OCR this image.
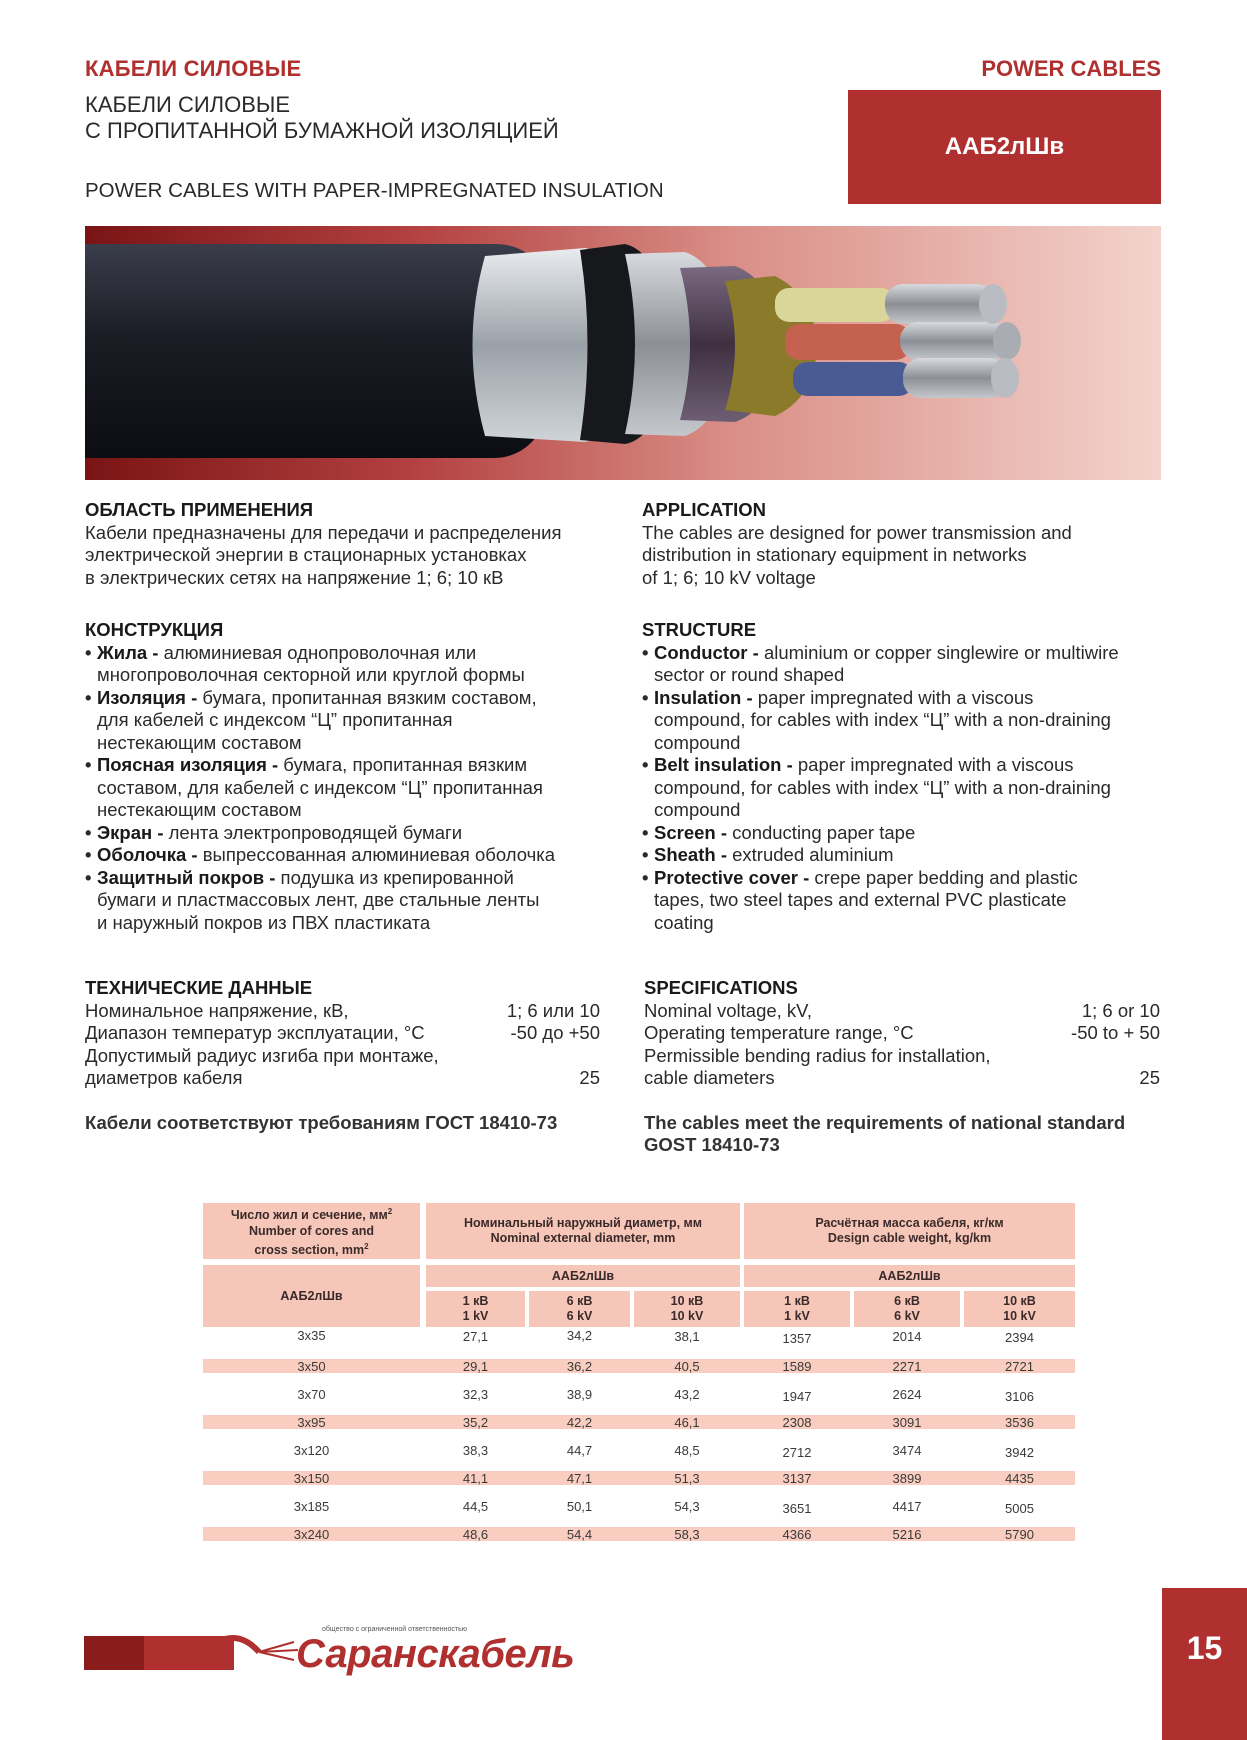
КАБЕЛИ СИЛОВЫЕ	POWER CABLES
КАБЕЛИ СИЛОВЫЕ
С ПРОПИТАННОЙ БУМАЖНОЙ ИЗОЛЯЦИЕЙ
POWER CABLES WITH PAPER-IMPREGNATED INSULATION
ААБ2лШв
ОБЛАСТЬ ПРИМЕНЕНИЯ

Кабели предназначены для передачи и распределения

электрической энергии в стационарных установках

в электрических сетях на напряжение 1; 6; 10 кВ

APPLICATION

The cables are designed for power transmission and

distribution in stationary equipment in networks

of 1; 6; 10 kV voltage

КОНСТРУКЦИЯ
• Жила - алюминиевая однопроволочная или
многопроволочная секторной или круглой формы
• Изоляция - бумага, пропитанная вязким составом,
для кабелей с индексом “Ц” пропитанная
нестекающим составом
• Поясная изоляция - бумага, пропитанная вязким
составом, для кабелей с индексом “Ц” пропитанная
нестекающим составом
• Экран - лента электропроводящей бумаги
• Оболочка - выпрессованная алюминиевая оболочка
• Защитный покров - подушка из крепированной
бумаги и пластмассовых лент, две стальные ленты
и наружный покров из ПВХ пластиката
STRUCTURE
• Conductor - aluminium or copper singlewire or multiwire
sector or round shaped
• Insulation - paper impregnated with a viscous
compound, for cables with index “Ц” with a non-draining
compound
• Belt insulation - paper impregnated with a viscous
compound, for cables with index “Ц” with a non-draining
compound
• Screen - conducting paper tape
• Sheath - extruded aluminium
• Protective cover - crepe paper bedding and plastic
tapes, two steel tapes and external PVC plasticate
coating
ТЕХНИЧЕСКИЕ ДАННЫЕ
Номинальное напряжение, кВ,	1; 6 или 10
Диапазон температур эксплуатации, °С	-50 до +50
Допустимый радиус изгиба при монтаже,
диаметров кабеля	25
SPECIFICATIONS
Nominal voltage, kV,	1; 6 or 10
Operating temperature range, °C	-50 to + 50
Permissible bending radius for installation,
cable diameters	25
Кабели соответствуют требованиям ГОСТ 18410-73	The cables meet the requirements of national standard
GOST 18410-73
Число жил и сечение, $мм^2$
Number of cores and
cross section, $mm^2$
Номинальный наружный диаметр, мм
Nominal external diameter, mm
Расчётная масса кабеля, кг/км
Design cable weight, kg/km
ААБ2лШв
ААБ2лШв	ААБ2лШв
1 кВ
1 kV
6 кВ
6 kV
10 кВ
10 kV
1 кВ
1 kV
6 кВ
6 kV
10 кВ
10 kV
3х35	27,1	34,2	38,1	1357	2014	2394
3х50	29,1	36,2	40,5	1589	2271	2721
3х70	32,3	38,9	43,2	1947	2624	3106
3х95	35,2	42,2	46,1	2308	3091	3536
3х120	38,3	44,7	48,5	2712	3474	3942
3х150	41,1	47,1	51,3	3137	3899	4435
3х185	44,5	50,1	54,3	3651	4417	5005
3х240	48,6	54,4	58,3	4366	5216	5790
общество с ограниченной ответственностью
Саранскабель	15
